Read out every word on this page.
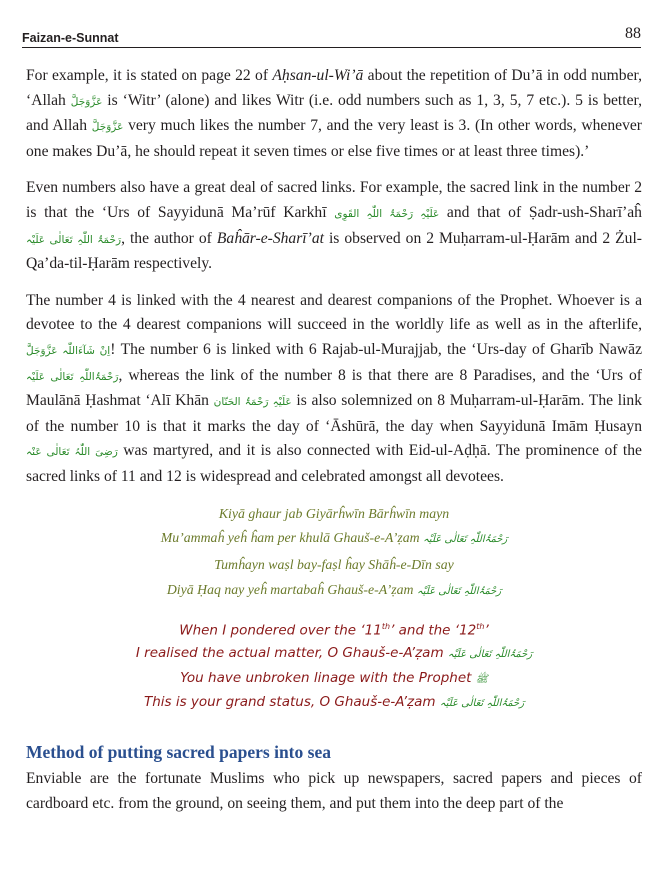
Faizan-e-Sunnat	88

For example, it is stated on page 22 of Aḥsan-ul-Wi’ā about the repetition of Du’ā in odd number, ‘Allah عَزَّوَجَلَّ is ‘Witr’ (alone) and likes Witr (i.e. odd numbers such as 1, 3, 5, 7 etc.). 5 is better, and Allah عَزَّوَجَلَّ very much likes the number 7, and the very least is 3. (In other words, whenever one makes Du’ā, he should repeat it seven times or else five times or at least three times).’

Even numbers also have a great deal of sacred links. For example, the sacred link in the number 2 is that the ‘Urs of Sayyidunā Ma’rūf Karkhī عَلَیْہِ رَحْمَۃُ اللّٰہِ القَوِی and that of Ṣadr-ush-Sharī’aĥ رَحْمَۃُ اللّٰہِ تَعَالٰی عَلَیْہ, the author of Baĥār-e-Sharī’at is observed on 2 Muḥarram-ul-Ḥarām and 2 Żul-Qa’da-til-Ḥarām respectively.

The number 4 is linked with the 4 nearest and dearest companions of the Prophet. Whoever is a devotee to the 4 dearest companions will succeed in the worldly life as well as in the afterlife, اِنْ شَآءَاللّٰہ عَزَّوَجَلَّ! The number 6 is linked with 6 Rajab-ul-Murajjab, the ‘Urs-day of Gharīb Nawāz رَحْمَۃُاللّٰہِ تَعَالٰی عَلَیْہ, whereas the link of the number 8 is that there are 8 Paradises, and the ‘Urs of Maulānā Ḥashmat ‘Alī Khān عَلَیْہِ رَحْمَۃُ الحَنّان is also solemnized on 8 Muḥarram-ul-Ḥarām. The link of the number 10 is that it marks the day of ‘Āshūrā, the day when Sayyidunā Imām Ḥusayn رَضِیَ اللّٰہُ تَعَالٰی عَنْہ was martyred, and it is also connected with Eid-ul-Aḍḥā. The prominence of the sacred links of 11 and 12 is widespread and celebrated amongst all devotees.

Kiyā ghaur jab Giyārĥwīn Bārĥwīn mayn
Mu’ammaĥ yeĥ ĥam per khulā Ghauš-e-A’ẓam رَحْمَۃُاللّٰہِ تَعَالٰی عَلَیْہ
Tumĥayn waṣl bay-faṣl ĥay Shāĥ-e-Dīn say
Diyā Ḥaq nay yeĥ martabaĥ Ghauš-e-A’ẓam رَحْمَۃُاللّٰہِ تَعَالٰی عَلَیْہ
When I pondered over the ‘11th’ and the ‘12th’
I realised the actual matter, O Ghauš-e-A’ẓam رَحْمَۃُاللّٰہِ تَعَالٰی عَلَیْہ
You have unbroken linage with the Prophet ﷺ
This is your grand status, O Ghauš-e-A’ẓam رَحْمَۃُاللّٰہِ تَعَالٰی عَلَیْہ
Method of putting sacred papers into sea

Enviable are the fortunate Muslims who pick up newspapers, sacred papers and pieces of cardboard etc. from the ground, on seeing them, and put them into the deep part of the
